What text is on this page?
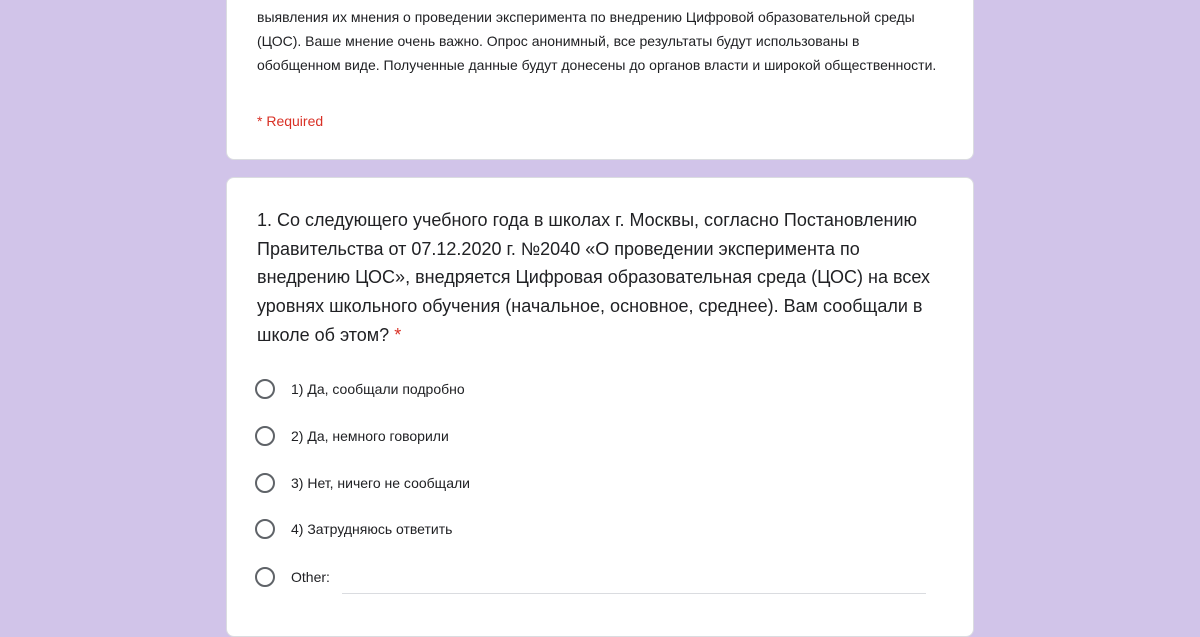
выявления их мнения о проведении эксперимента по внедрению Цифровой образовательной среды (ЦОС). Ваше мнение очень важно. Опрос анонимный, все результаты будут использованы в обобщенном виде. Полученные данные будут донесены до органов власти и широкой общественности.

* Required

1. Со следующего учебного года в школах г. Москвы, согласно Постановлению Правительства от 07.12.2020 г. №2040 «О проведении эксперимента по внедрению ЦОС», внедряется Цифровая образовательная среда (ЦОС) на всех уровнях школьного обучения (начальное, основное, среднее). Вам сообщали в школе об этом? *

1) Да, сообщали подробно
2) Да, немного говорили
3) Нет, ничего не сообщали
4) Затрудняюсь ответить
Other:
